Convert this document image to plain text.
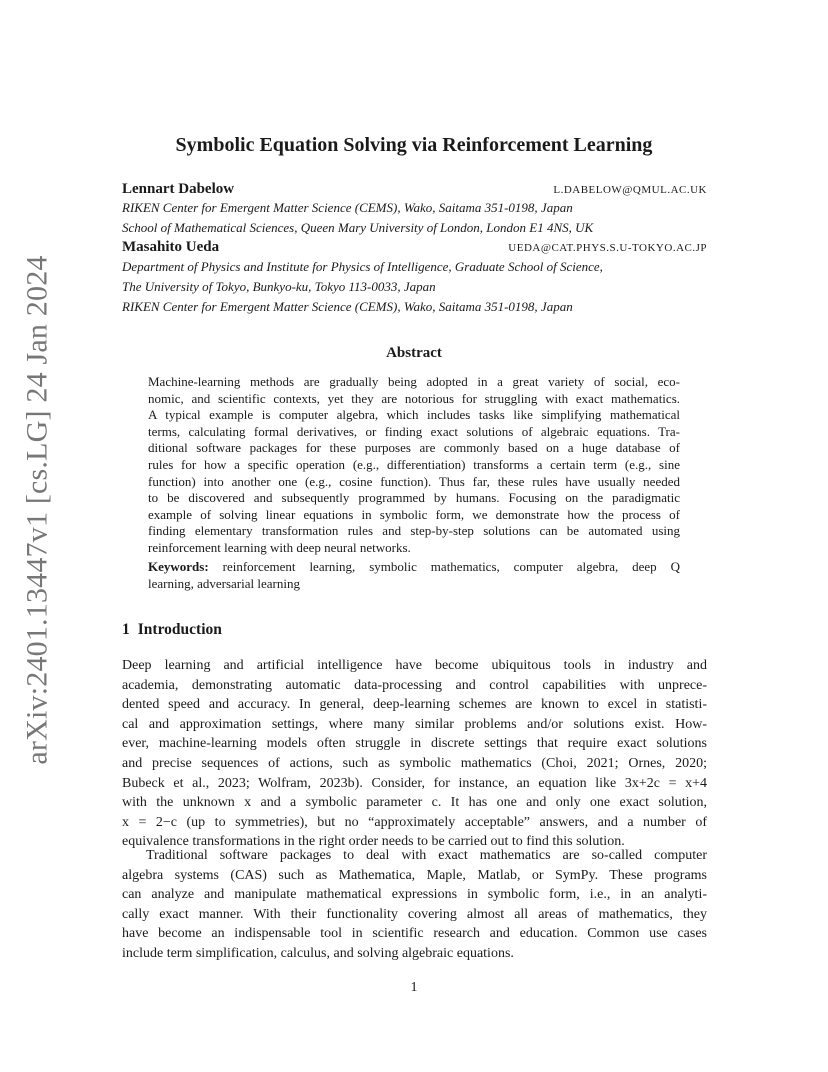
arXiv:2401.13447v1 [cs.LG] 24 Jan 2024
Symbolic Equation Solving via Reinforcement Learning
Lennart Dabelow	L.DABELOW@QMUL.AC.UK
RIKEN Center for Emergent Matter Science (CEMS), Wako, Saitama 351-0198, Japan
School of Mathematical Sciences, Queen Mary University of London, London E1 4NS, UK
Masahito Ueda	UEDA@CAT.PHYS.S.U-TOKYO.AC.JP
Department of Physics and Institute for Physics of Intelligence, Graduate School of Science,
The University of Tokyo, Bunkyo-ku, Tokyo 113-0033, Japan
RIKEN Center for Emergent Matter Science (CEMS), Wako, Saitama 351-0198, Japan
Abstract
Machine-learning methods are gradually being adopted in a great variety of social, eco-
nomic, and scientific contexts, yet they are notorious for struggling with exact mathematics.
A typical example is computer algebra, which includes tasks like simplifying mathematical
terms, calculating formal derivatives, or finding exact solutions of algebraic equations. Tra-
ditional software packages for these purposes are commonly based on a huge database of
rules for how a specific operation (e.g., differentiation) transforms a certain term (e.g., sine
function) into another one (e.g., cosine function). Thus far, these rules have usually needed
to be discovered and subsequently programmed by humans. Focusing on the paradigmatic
example of solving linear equations in symbolic form, we demonstrate how the process of
finding elementary transformation rules and step-by-step solutions can be automated using
reinforcement learning with deep neural networks.
Keywords: reinforcement learning, symbolic mathematics, computer algebra, deep Q
learning, adversarial learning
1 Introduction
Deep learning and artificial intelligence have become ubiquitous tools in industry and
academia, demonstrating automatic data-processing and control capabilities with unprece-
dented speed and accuracy. In general, deep-learning schemes are known to excel in statisti-
cal and approximation settings, where many similar problems and/or solutions exist. How-
ever, machine-learning models often struggle in discrete settings that require exact solutions
and precise sequences of actions, such as symbolic mathematics (Choi, 2021; Ornes, 2020;
Bubeck et al., 2023; Wolfram, 2023b). Consider, for instance, an equation like 3x+2c = x+4
with the unknown x and a symbolic parameter c. It has one and only one exact solution,
x = 2−c (up to symmetries), but no “approximately acceptable” answers, and a number of
equivalence transformations in the right order needs to be carried out to find this solution.
Traditional software packages to deal with exact mathematics are so-called computer
algebra systems (CAS) such as Mathematica, Maple, Matlab, or SymPy. These programs
can analyze and manipulate mathematical expressions in symbolic form, i.e., in an analyti-
cally exact manner. With their functionality covering almost all areas of mathematics, they
have become an indispensable tool in scientific research and education. Common use cases
include term simplification, calculus, and solving algebraic equations.
1
